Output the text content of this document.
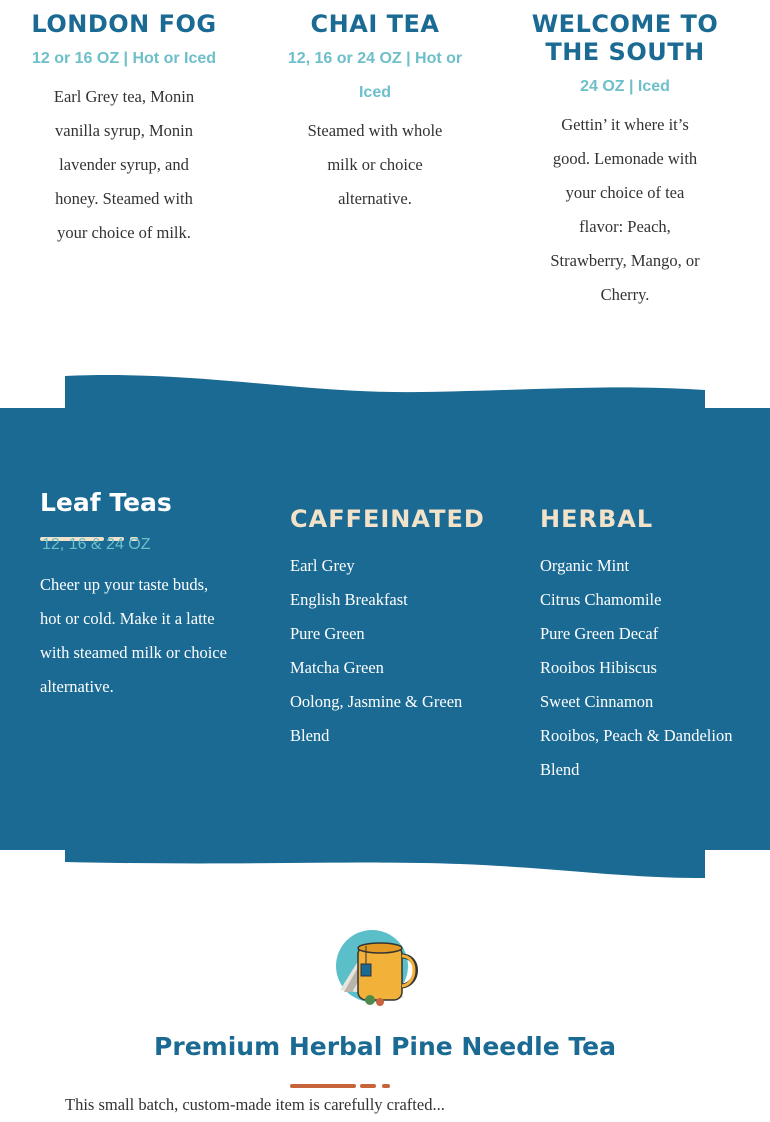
LONDON FOG
12 or 16 OZ | Hot or Iced
Earl Grey tea, Monin vanilla syrup, Monin lavender syrup, and honey. Steamed with your choice of milk.
CHAI TEA
12, 16 or 24 OZ | Hot or Iced
Steamed with whole milk or choice alternative.
WELCOME TO THE SOUTH
24 OZ | Iced
Gettin’ it where it’s good. Lemonade with your choice of tea flavor: Peach, Strawberry, Mango, or Cherry.
Leaf Teas
12, 16 & 24 OZ
Cheer up your taste buds, hot or cold. Make it a latte with steamed milk or choice alternative.
CAFFEINATED
Earl Grey
English Breakfast
Pure Green
Matcha Green
Oolong, Jasmine & Green Blend
HERBAL
Organic Mint
Citrus Chamomile
Pure Green Decaf
Rooibos Hibiscus
Sweet Cinnamon
Rooibos, Peach & Dandelion Blend
Premium Herbal Pine Needle Tea
This small batch, custom-made item is carefully crafted...
